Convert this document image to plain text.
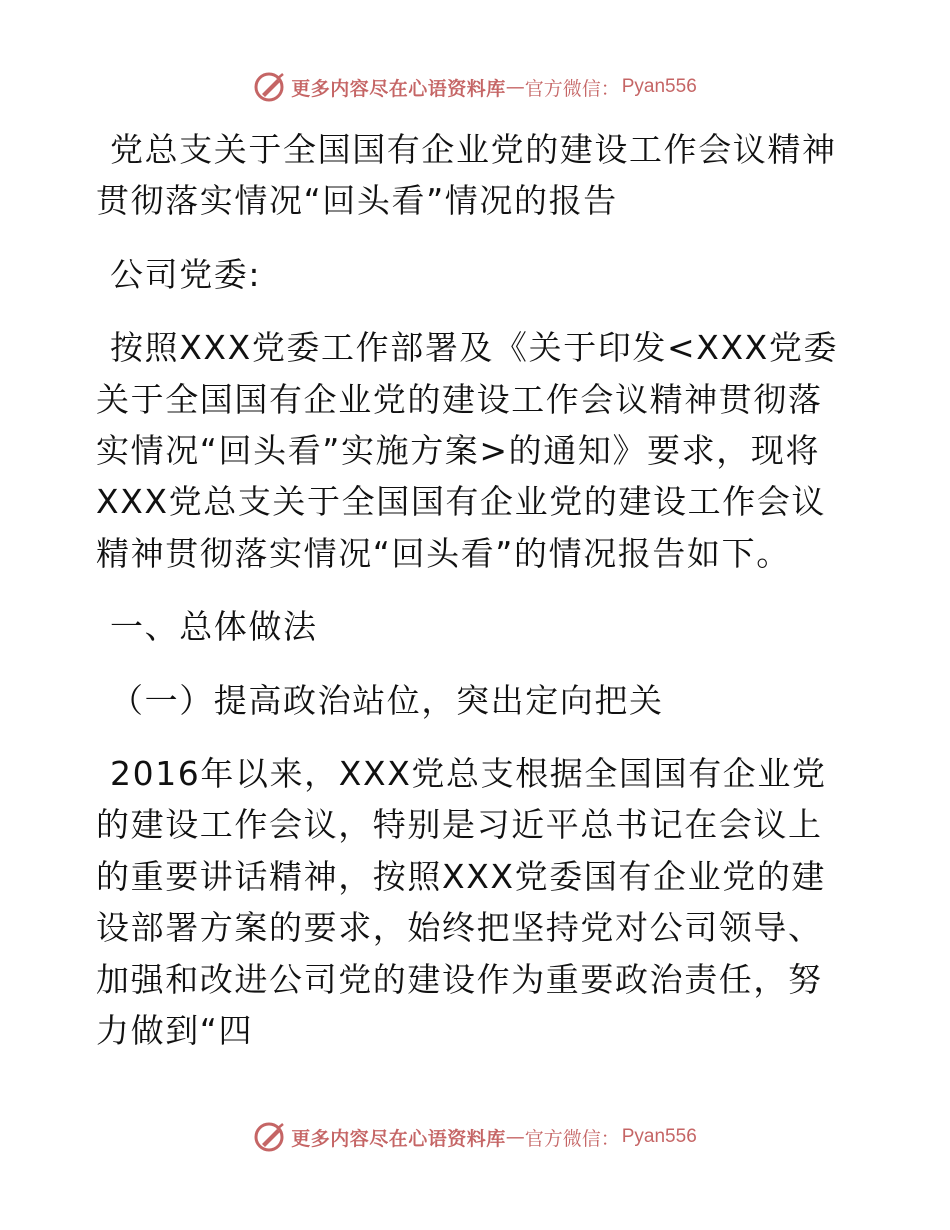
更多内容尽在心语资料库 — 官方微信： Pyan556

党总支关于全国国有企业党的建设工作会议精神贯彻落实情况“回头看”情况的报告

公司党委:

按照XXX党委工作部署及《关于印发<XXX党委关于全国国有企业党的建设工作会议精神贯彻落实情况“回头看”实施方案>的通知》要求，现将XXX党总支关于全国国有企业党的建设工作会议精神贯彻落实情况“回头看”的情况报告如下。

一、总体做法

（一）提高政治站位，突出定向把关

2016年以来，XXX党总支根据全国国有企业党的建设工作会议，特别是习近平总书记在会议上的重要讲话精神，按照XXX党委国有企业党的建设部署方案的要求，始终把坚持党对公司领导、加强和改进公司党的建设作为重要政治责任，努力做到“四

更多内容尽在心语资料库 — 官方微信： Pyan556
